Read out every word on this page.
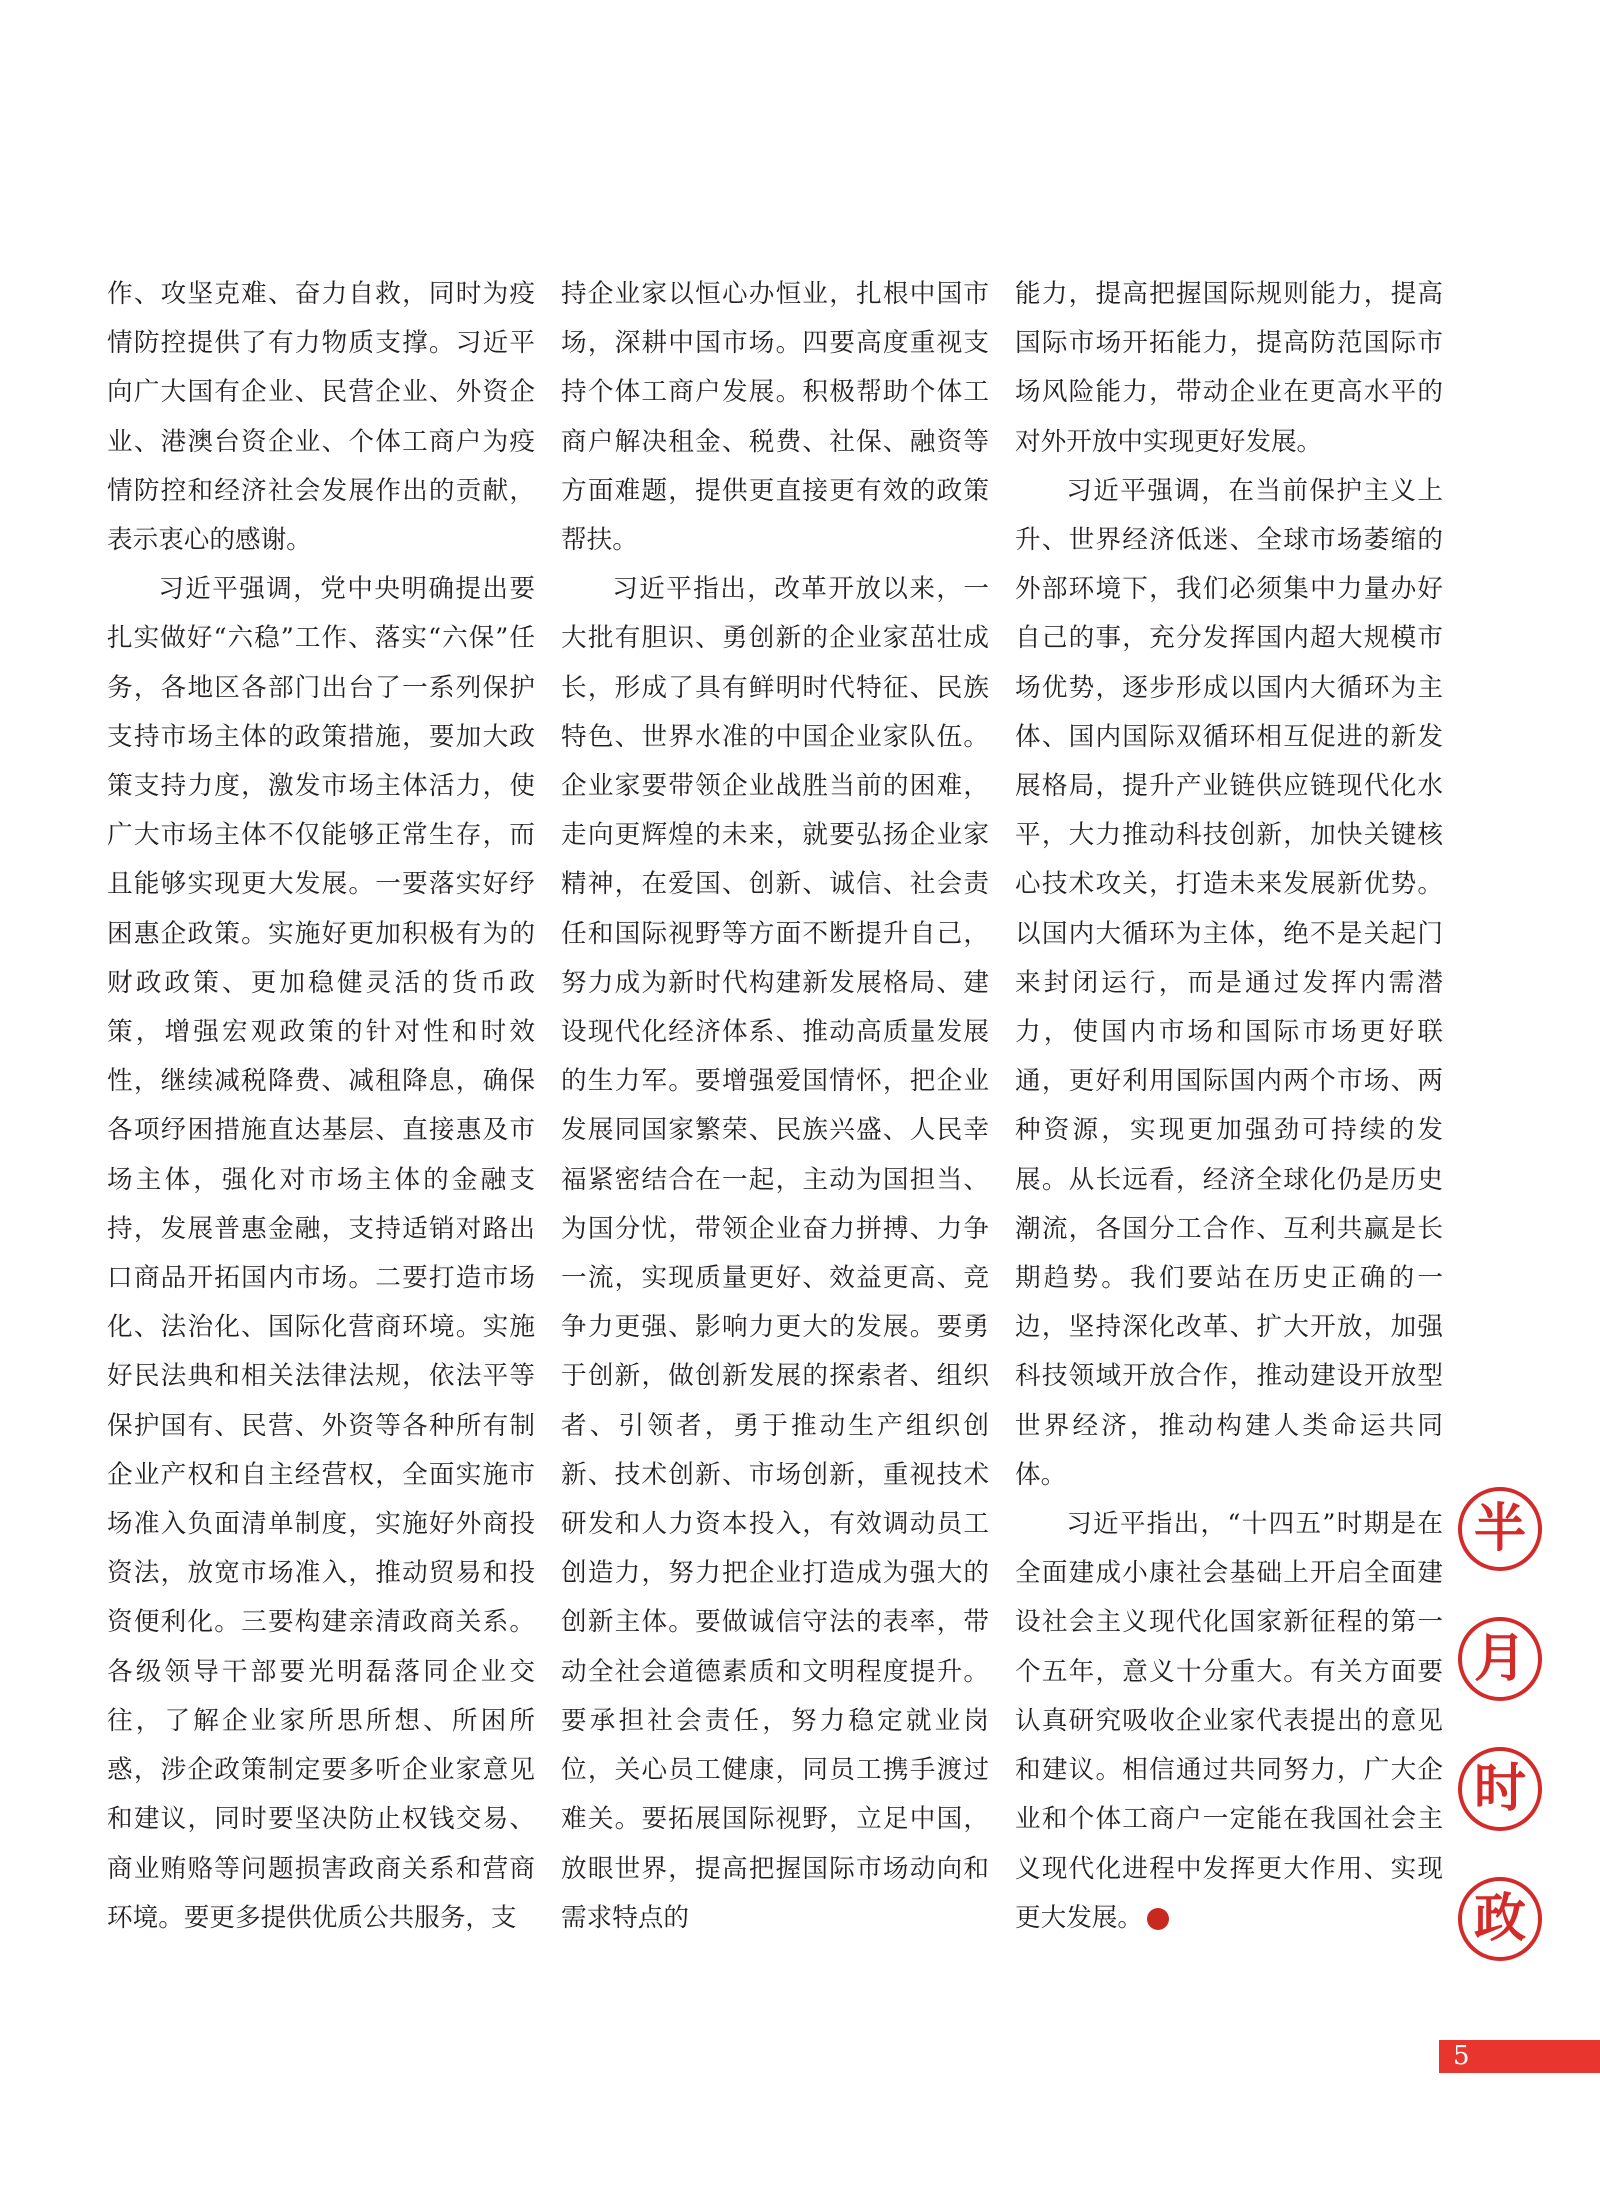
作、攻坚克难、奋力自救，同时为疫情防控提供了有力物质支撑。习近平向广大国有企业、民营企业、外资企业、港澳台资企业、个体工商户为疫情防控和经济社会发展作出的贡献，表示衷心的感谢。

习近平强调，党中央明确提出要扎实做好“六稳”工作、落实“六保”任务，各地区各部门出台了一系列保护支持市场主体的政策措施，要加大政策支持力度，激发市场主体活力，使广大市场主体不仅能够正常生存，而且能够实现更大发展。一要落实好纾困惠企政策。实施好更加积极有为的财政政策、更加稳健灵活的货币政策，增强宏观政策的针对性和时效性，继续减税降费、减租降息，确保各项纾困措施直达基层、直接惠及市场主体，强化对市场主体的金融支持，发展普惠金融，支持适销对路出口商品开拓国内市场。二要打造市场化、法治化、国际化营商环境。实施好民法典和相关法律法规，依法平等保护国有、民营、外资等各种所有制企业产权和自主经营权，全面实施市场准入负面清单制度，实施好外商投资法，放宽市场准入，推动贸易和投资便利化。三要构建亲清政商关系。各级领导干部要光明磊落同企业交往，了解企业家所思所想、所困所惑，涉企政策制定要多听企业家意见和建议，同时要坚决防止权钱交易、商业贿赂等问题损害政商关系和营商环境。要更多提供优质公共服务，支

持企业家以恒心办恒业，扎根中国市场，深耕中国市场。四要高度重视支持个体工商户发展。积极帮助个体工商户解决租金、税费、社保、融资等方面难题，提供更直接更有效的政策帮扶。

习近平指出，改革开放以来，一大批有胆识、勇创新的企业家茁壮成长，形成了具有鲜明时代特征、民族特色、世界水准的中国企业家队伍。企业家要带领企业战胜当前的困难，走向更辉煌的未来，就要弘扬企业家精神，在爱国、创新、诚信、社会责任和国际视野等方面不断提升自己，努力成为新时代构建新发展格局、建设现代化经济体系、推动高质量发展的生力军。要增强爱国情怀，把企业发展同国家繁荣、民族兴盛、人民幸福紧密结合在一起，主动为国担当、为国分忧，带领企业奋力拼搏、力争一流，实现质量更好、效益更高、竞争力更强、影响力更大的发展。要勇于创新，做创新发展的探索者、组织者、引领者，勇于推动生产组织创新、技术创新、市场创新，重视技术研发和人力资本投入，有效调动员工创造力，努力把企业打造成为强大的创新主体。要做诚信守法的表率，带动全社会道德素质和文明程度提升。要承担社会责任，努力稳定就业岗位，关心员工健康，同员工携手渡过难关。要拓展国际视野，立足中国，放眼世界，提高把握国际市场动向和需求特点的

能力，提高把握国际规则能力，提高国际市场开拓能力，提高防范国际市场风险能力，带动企业在更高水平的对外开放中实现更好发展。

习近平强调，在当前保护主义上升、世界经济低迷、全球市场萎缩的外部环境下，我们必须集中力量办好自己的事，充分发挥国内超大规模市场优势，逐步形成以国内大循环为主体、国内国际双循环相互促进的新发展格局，提升产业链供应链现代化水平，大力推动科技创新，加快关键核心技术攻关，打造未来发展新优势。以国内大循环为主体，绝不是关起门来封闭运行，而是通过发挥内需潜力，使国内市场和国际市场更好联通，更好利用国际国内两个市场、两种资源，实现更加强劲可持续的发展。从长远看，经济全球化仍是历史潮流，各国分工合作、互利共赢是长期趋势。我们要站在历史正确的一边，坚持深化改革、扩大开放，加强科技领域开放合作，推动建设开放型世界经济，推动构建人类命运共同体。

习近平指出，“十四五”时期是在全面建成小康社会基础上开启全面建设社会主义现代化国家新征程的第一个五年，意义十分重大。有关方面要认真研究吸收企业家代表提出的意见和建议。相信通过共同努力，广大企业和个体工商户一定能在我国社会主义现代化进程中发挥更大作用、实现更大发展。	个

半
月
时
政
5
